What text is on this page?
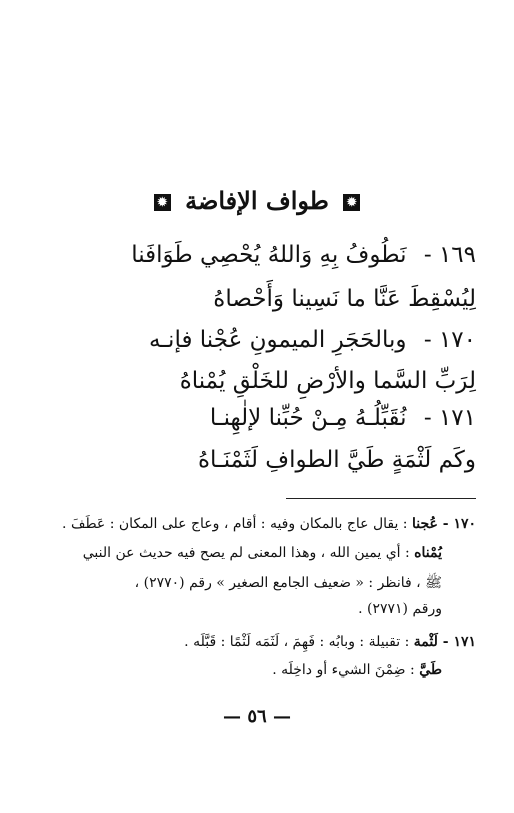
✹ طواف الإفاضة ✹
١٦٩ - نَطُوفُ بِهِ وَاللهُ يُحْصِي طَوَافَنا
لِيُسْقِطَ عَنَّا ما نَسِينا وَأَحْصاهُ
١٧٠ - وبالحَجَرِ الميمونِ عُجْنا فإنـه
لِرَبِّ السَّما والأرْضِ للخَلْقِ يُمْناهُ
١٧١ - نُقَبِّلُـهُ مِـنْ حُبِّنا لإلٰهِنـا
وكَم لَثْمَةٍ طَيَّ الطوافِ لَثَمْنَـاهُ
١٧٠ - عُجنا : يقال عاج بالمكان وفيه : أقام ، وعاج على المكان : عَطَفَ .
يُمْناه : أي يمين الله ، وهذا المعنى لم يصح فيه حديث عن النبي
ﷺ ، فانظر : « ضعيف الجامع الصغير » رقم (٢٧٧٠) ،
ورقم (٢٧٧١) .
١٧١ - لَثْمة : تقبيلة : وبابُه : فَهِمَ ، لَثَمَه لَثْمًا : قَبَّلَه .
طَيَّ : ضِمْنَ الشيء أو داخِلَه .
— ٥٦ —
